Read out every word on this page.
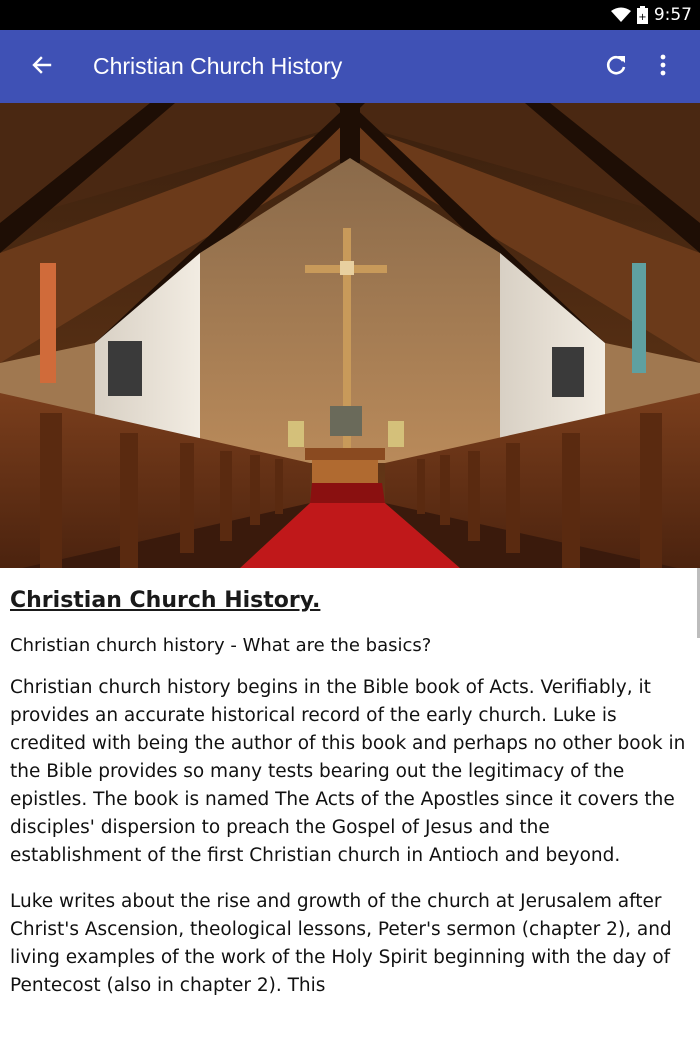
+ 9:57
Christian Church History
Christian Church History.
Christian church history - What are the basics?

Christian church history begins in the Bible book of Acts. Verifiably, it provides an accurate historical record of the early church. Luke is credited with being the author of this book and perhaps no other book in the Bible provides so many tests bearing out the legitimacy of the epistles. The book is named The Acts of the Apostles since it covers the disciples' dispersion to preach the Gospel of Jesus and the establishment of the first Christian church in Antioch and beyond.

Luke writes about the rise and growth of the church at Jerusalem after Christ's Ascension, theological lessons, Peter's sermon (chapter 2), and living examples of the work of the Holy Spirit beginning with the day of Pentecost (also in chapter 2). This
